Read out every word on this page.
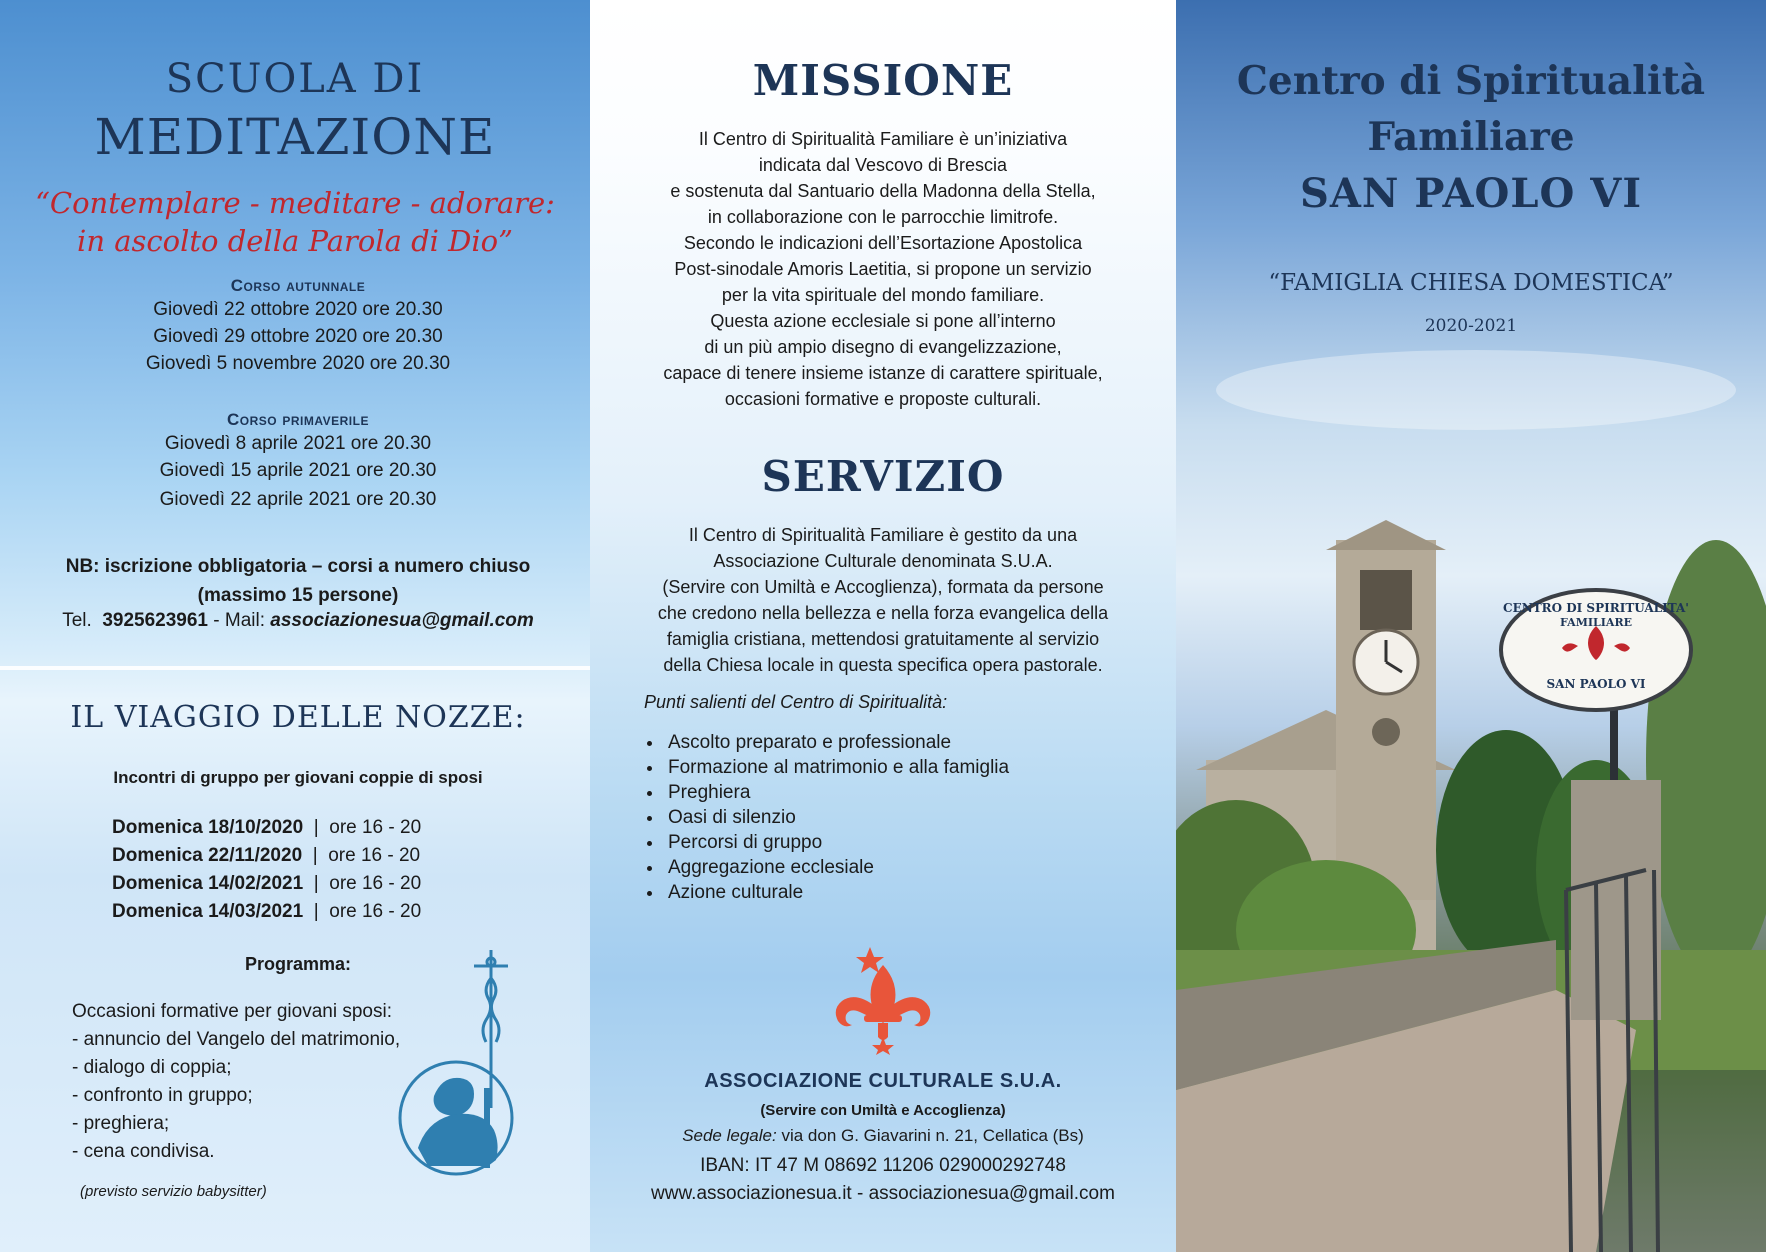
SCUOLA DI
MEDITAZIONE
“Contemplare - meditare - adorare:
in ascolto della Parola di Dio”
Corso autunnale
Giovedì 22 ottobre 2020 ore 20.30
Giovedì 29 ottobre 2020 ore 20.30
Giovedì 5 novembre 2020 ore 20.30
Corso primaverile
Giovedì 8 aprile 2021 ore 20.30
Giovedì 15 aprile 2021 ore 20.30
Giovedì 22 aprile 2021 ore 20.30
NB: iscrizione obbligatoria – corsi a numero chiuso
(massimo 15 persone)
Tel. 3925623961 - Mail: associazionesua@gmail.com
IL VIAGGIO DELLE NOZZE:
Incontri di gruppo per giovani coppie di sposi
Domenica 18/10/2020 | ore 16 - 20
Domenica 22/11/2020 | ore 16 - 20
Domenica 14/02/2021 | ore 16 - 20
Domenica 14/03/2021 | ore 16 - 20
Programma:
Occasioni formative per giovani sposi:
- annuncio del Vangelo del matrimonio,
- dialogo di coppia;
- confronto in gruppo;
- preghiera;
- cena condivisa.
(previsto servizio babysitter)
MISSIONE
Il Centro di Spiritualità Familiare è un’iniziativa
indicata dal Vescovo di Brescia
e sostenuta dal Santuario della Madonna della Stella,
in collaborazione con le parrocchie limitrofe.
Secondo le indicazioni dell’Esortazione Apostolica
Post-sinodale Amoris Laetitia, si propone un servizio
per la vita spirituale del mondo familiare.
Questa azione ecclesiale si pone all’interno
di un più ampio disegno di evangelizzazione,
capace di tenere insieme istanze di carattere spirituale,
occasioni formative e proposte culturali.
SERVIZIO
Il Centro di Spiritualità Familiare è gestito da una
Associazione Culturale denominata S.U.A.
(Servire con Umiltà e Accoglienza), formata da persone
che credono nella bellezza e nella forza evangelica della
famiglia cristiana, mettendosi gratuitamente al servizio
della Chiesa locale in questa specifica opera pastorale.
Punti salienti del Centro di Spiritualità:
• Ascolto preparato e professionale
• Formazione al matrimonio e alla famiglia
• Preghiera
• Oasi di silenzio
• Percorsi di gruppo
• Aggregazione ecclesiale
• Azione culturale
ASSOCIAZIONE CULTURALE S.U.A.
(Servire con Umiltà e Accoglienza)
Sede legale: via don G. Giavarini n. 21, Cellatica (Bs)
IBAN: IT 47 M 08692 11206 029000292748
www.associazionesua.it - associazionesua@gmail.com
CENTRO DI SPIRITUALITA'
FAMILIARE
SAN PAOLO VI
Centro di Spiritualità
Familiare
SAN PAOLO VI
“FAMIGLIA CHIESA DOMESTICA”
2020-2021
